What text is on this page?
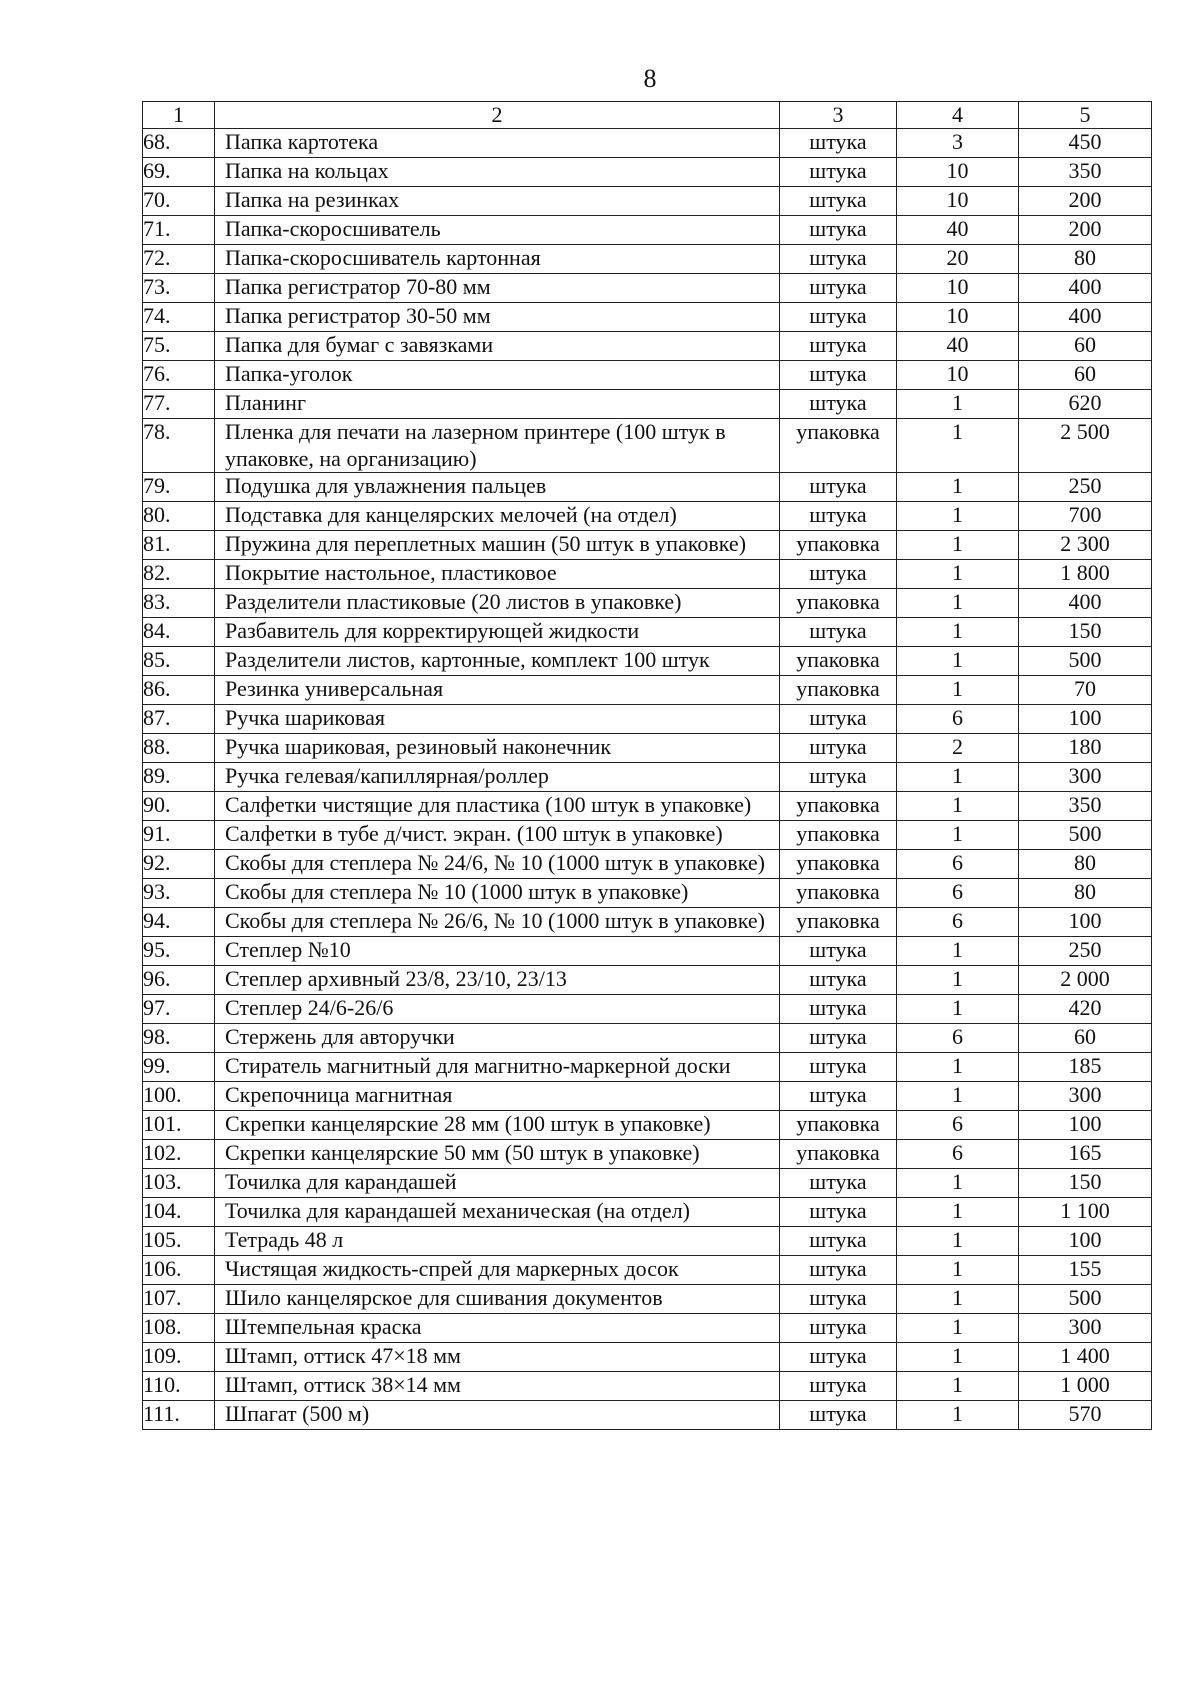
8
1	2	3	4	5
68.	Папка картотека	штука	3	450
69.	Папка на кольцах	штука	10	350
70.	Папка на резинках	штука	10	200
71.	Папка-скоросшиватель	штука	40	200
72.	Папка-скоросшиватель картонная	штука	20	80
73.	Папка регистратор 70-80 мм	штука	10	400
74.	Папка регистратор 30-50 мм	штука	10	400
75.	Папка для бумаг с завязками	штука	40	60
76.	Папка-уголок	штука	10	60
77.	Планинг	штука	1	620
78.	Пленка для печати на лазерном принтере (100 штук в упаковке, на организацию)	упаковка	1	2 500
79.	Подушка для увлажнения пальцев	штука	1	250
80.	Подставка для канцелярских мелочей (на отдел)	штука	1	700
81.	Пружина для переплетных машин (50 штук в упаковке)	упаковка	1	2 300
82.	Покрытие настольное, пластиковое	штука	1	1 800
83.	Разделители пластиковые (20 листов в упаковке)	упаковка	1	400
84.	Разбавитель для корректирующей жидкости	штука	1	150
85.	Разделители листов, картонные, комплект 100 штук	упаковка	1	500
86.	Резинка универсальная	упаковка	1	70
87.	Ручка шариковая	штука	6	100
88.	Ручка шариковая, резиновый наконечник	штука	2	180
89.	Ручка гелевая/капиллярная/роллер	штука	1	300
90.	Салфетки чистящие для пластика (100 штук в упаковке)	упаковка	1	350
91.	Салфетки в тубе д/чист. экран. (100 штук в упаковке)	упаковка	1	500
92.	Скобы для степлера № 24/6, № 10 (1000 штук в упаковке)	упаковка	6	80
93.	Скобы для степлера № 10 (1000 штук в упаковке)	упаковка	6	80
94.	Скобы для степлера № 26/6, № 10 (1000 штук в упаковке)	упаковка	6	100
95.	Степлер №10	штука	1	250
96.	Степлер архивный 23/8, 23/10, 23/13	штука	1	2 000
97.	Степлер 24/6-26/6	штука	1	420
98.	Стержень для авторучки	штука	6	60
99.	Стиратель магнитный для магнитно-маркерной доски	штука	1	185
100.	Скрепочница магнитная	штука	1	300
101.	Скрепки канцелярские 28 мм (100 штук в упаковке)	упаковка	6	100
102.	Скрепки канцелярские 50 мм (50 штук в упаковке)	упаковка	6	165
103.	Точилка для карандашей	штука	1	150
104.	Точилка для карандашей механическая (на отдел)	штука	1	1 100
105.	Тетрадь 48 л	штука	1	100
106.	Чистящая жидкость-спрей для маркерных досок	штука	1	155
107.	Шило канцелярское для сшивания документов	штука	1	500
108.	Штемпельная краска	штука	1	300
109.	Штамп, оттиск 47×18 мм	штука	1	1 400
110.	Штамп, оттиск 38×14 мм	штука	1	1 000
111.	Шпагат (500 м)	штука	1	570
